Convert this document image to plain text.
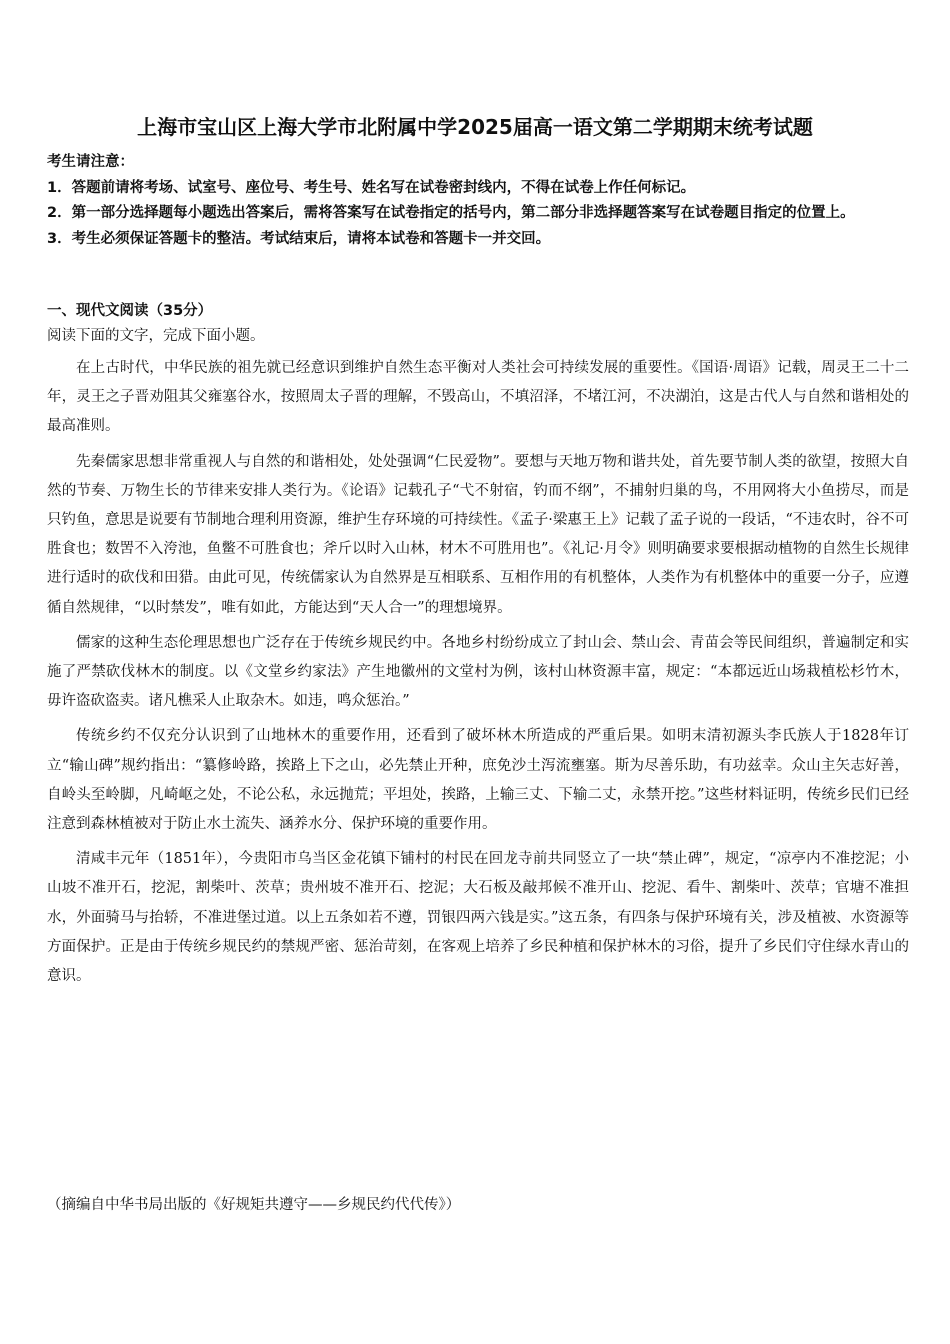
上海市宝山区上海大学市北附属中学2025届高一语文第二学期期末统考试题

考生请注意：

1．答题前请将考场、试室号、座位号、考生号、姓名写在试卷密封线内，不得在试卷上作任何标记。

2．第一部分选择题每小题选出答案后，需将答案写在试卷指定的括号内，第二部分非选择题答案写在试卷题目指定的位置上。

3．考生必须保证答题卡的整洁。考试结束后，请将本试卷和答题卡一并交回。

一、现代文阅读（35分）
阅读下面的文字，完成下面小题。

在上古时代，中华民族的祖先就已经意识到维护自然生态平衡对人类社会可持续发展的重要性。《国语·周语》记载，周灵王二十二年，灵王之子晋劝阻其父雍塞谷水，按照周太子晋的理解，不毁高山，不填沼泽，不堵江河，不决湖泊，这是古代人与自然和谐相处的最高准则。

先秦儒家思想非常重视人与自然的和谐相处，处处强调“仁民爱物”。要想与天地万物和谐共处，首先要节制人类的欲望，按照大自然的节奏、万物生长的节律来安排人类行为。《论语》记载孔子“弋不射宿，钓而不纲”，不捕射归巢的鸟，不用网将大小鱼捞尽，而是只钓鱼，意思是说要有节制地合理利用资源，维护生存环境的可持续性。《孟子·梁惠王上》记载了孟子说的一段话，“不违农时，谷不可胜食也；数罟不入洿池，鱼鳖不可胜食也；斧斤以时入山林，材木不可胜用也”。《礼记·月令》则明确要求要根据动植物的自然生长规律进行适时的砍伐和田猎。由此可见，传统儒家认为自然界是互相联系、互相作用的有机整体，人类作为有机整体中的重要一分子，应遵循自然规律，“以时禁发”，唯有如此，方能达到“天人合一”的理想境界。

儒家的这种生态伦理思想也广泛存在于传统乡规民约中。各地乡村纷纷成立了封山会、禁山会、青苗会等民间组织，普遍制定和实施了严禁砍伐林木的制度。以《文堂乡约家法》产生地徽州的文堂村为例，该村山林资源丰富，规定：“本都远近山场栽植松杉竹木，毋许盗砍盗卖。诸凡樵采人止取杂木。如违，鸣众惩治。”

传统乡约不仅充分认识到了山地林木的重要作用，还看到了破坏林木所造成的严重后果。如明末清初源头李氏族人于1828年订立“输山碑”规约指出：“纂修岭路，挨路上下之山，必先禁止开种，庶免沙土泻流壅塞。斯为尽善乐助，有功兹幸。众山主矢志好善，自岭头至岭脚，凡崎岖之处，不论公私，永远抛荒；平坦处，挨路，上输三丈、下输二丈，永禁开挖。”这些材料证明，传统乡民们已经注意到森林植被对于防止水土流失、涵养水分、保护环境的重要作用。

清咸丰元年（1851年），今贵阳市乌当区金花镇下铺村的村民在回龙寺前共同竖立了一块“禁止碑”，规定，“凉亭内不准挖泥；小山坡不准开石，挖泥，割柴叶、茨草；贵州坡不准开石、挖泥；大石板及敲邦候不准开山、挖泥、看牛、割柴叶、茨草；官塘不准担水，外面骑马与抬轿，不准进堡过道。以上五条如若不遵，罚银四两六钱是实。”这五条，有四条与保护环境有关，涉及植被、水资源等方面保护。正是由于传统乡规民约的禁规严密、惩治苛刻，在客观上培养了乡民种植和保护林木的习俗，提升了乡民们守住绿水青山的意识。

（摘编自中华书局出版的《好规矩共遵守——乡规民约代代传》）
